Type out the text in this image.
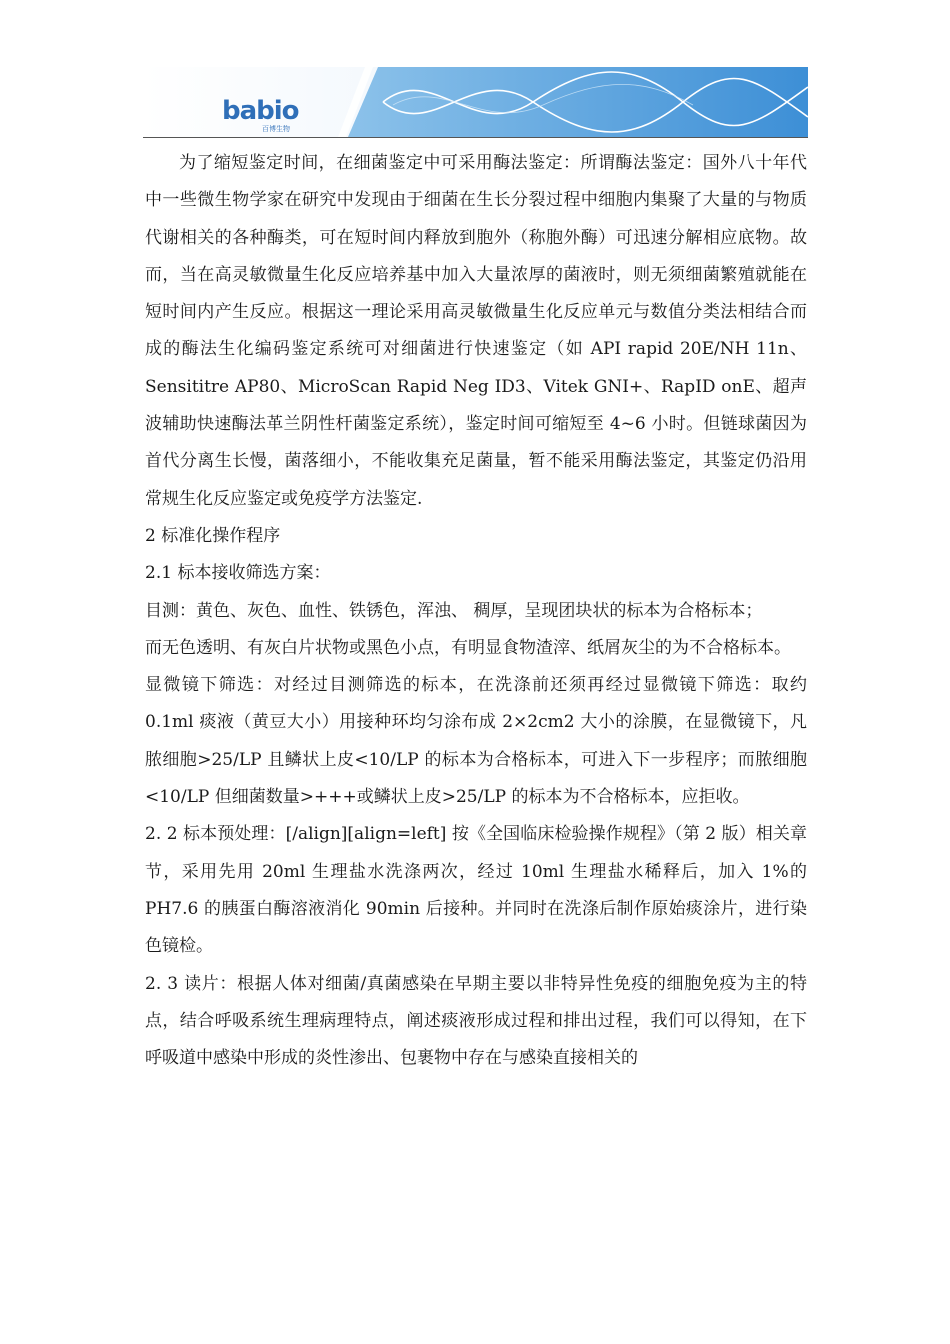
babio
百博生物

为了缩短鉴定时间，在细菌鉴定中可采用酶法鉴定：所谓酶法鉴定：国外八十年代中一些微生物学家在研究中发现由于细菌在生长分裂过程中细胞内集聚了大量的与物质代谢相关的各种酶类，可在短时间内释放到胞外（称胞外酶）可迅速分解相应底物。故而，当在高灵敏微量生化反应培养基中加入大量浓厚的菌液时，则无须细菌繁殖就能在短时间内产生反应。根据这一理论采用高灵敏微量生化反应单元与数值分类法相结合而成的酶法生化编码鉴定系统可对细菌进行快速鉴定（如 API rapid 20E/NH 11n、Sensititre AP80、MicroScan Rapid Neg ID3、Vitek GNI+、RapID onE、超声波辅助快速酶法革兰阴性杆菌鉴定系统），鉴定时间可缩短至 4~6 小时。但链球菌因为首代分离生长慢，菌落细小，不能收集充足菌量，暂不能采用酶法鉴定，其鉴定仍沿用常规生化反应鉴定或免疫学方法鉴定.

2 标准化操作程序

2.1 标本接收筛选方案：

目测：黄色、灰色、血性、铁锈色，浑浊、 稠厚，呈现团块状的标本为合格标本；

而无色透明、有灰白片状物或黑色小点，有明显食物渣滓、纸屑灰尘的为不合格标本。

显微镜下筛选：对经过目测筛选的标本，在洗涤前还须再经过显微镜下筛选：取约 0.1ml 痰液（黄豆大小）用接种环均匀涂布成 2×2cm2 大小的涂膜，在显微镜下，凡脓细胞>25/LP 且鳞状上皮<10/LP 的标本为合格标本，可进入下一步程序；而脓细胞<10/LP 但细菌数量>+++或鳞状上皮>25/LP 的标本为不合格标本，应拒收。

2. 2 标本预处理：[/align][align=left] 按《全国临床检验操作规程》（第 2 版）相关章节，采用先用 20ml 生理盐水洗涤两次，经过 10ml 生理盐水稀释后，加入 1%的 PH7.6 的胰蛋白酶溶液消化 90min 后接种。并同时在洗涤后制作原始痰涂片，进行染色镜检。

2. 3 读片：根据人体对细菌/真菌感染在早期主要以非特异性免疫的细胞免疫为主的特点，结合呼吸系统生理病理特点，阐述痰液形成过程和排出过程，我们可以得知，在下呼吸道中感染中形成的炎性渗出、包裹物中存在与感染直接相关的
